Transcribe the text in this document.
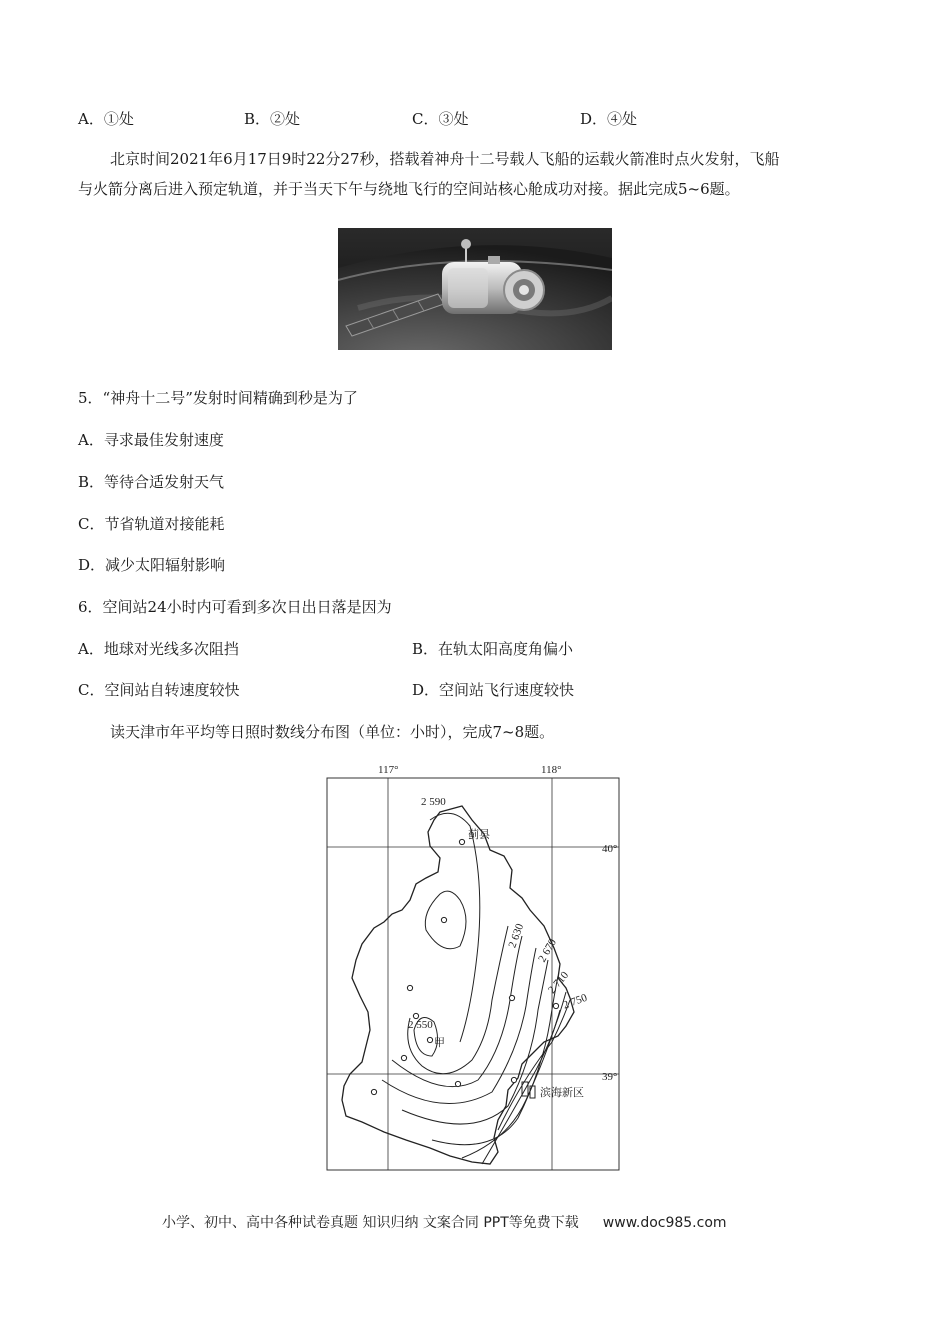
A．①处	B．②处	C．③处	D．④处
北京时间2021年6月17日9时22分27秒，搭载着神舟十二号载人飞船的运载火箭准时点火发射，飞船
与火箭分离后进入预定轨道，并于当天下午与绕地飞行的空间站核心舱成功对接。据此完成5~6题。
5．“神舟十二号”发射时间精确到秒是为了
A．寻求最佳发射速度
B．等待合适发射天气
C．节省轨道对接能耗
D．减少太阳辐射影响
6．空间站24小时内可看到多次日出日落是因为
A．地球对光线多次阻挡	B．在轨太阳高度角偏小
C．空间站自转速度较快	D．空间站飞行速度较快
读天津市年平均等日照时数线分布图（单位：小时），完成7~8题。
117°	118°
40°
39°
2 590
2 630
2 670
2 710
2 750
2 550
蓟县
甲
滨海新区
小学、初中、高中各种试卷真题 知识归纳 文案合同 PPT等免费下载 www.doc985.com
